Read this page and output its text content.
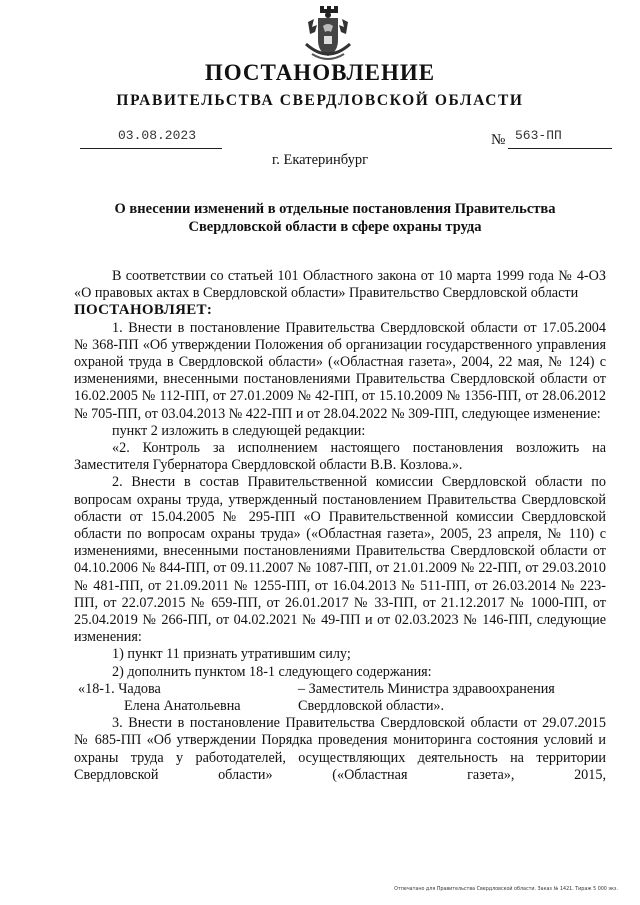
ПОСТАНОВЛЕНИЕ
ПРАВИТЕЛЬСТВА СВЕРДЛОВСКОЙ ОБЛАСТИ
03.08.2023	№ 563-ПП
г. Екатеринбург
О внесении изменений в отдельные постановления Правительства
Свердловской области в сфере охраны труда

В соответствии со статьей 101 Областного закона от 10 марта 1999 года № 4-ОЗ «О правовых актах в Свердловской области» Правительство Свердловской области

ПОСТАНОВЛЯЕТ:

1. Внести в постановление Правительства Свердловской области от 17.05.2004 № 368-ПП «Об утверждении Положения об организации государственного управления охраной труда в Свердловской области» («Областная газета», 2004, 22 мая, № 124) с изменениями, внесенными постановлениями Правительства Свердловской области от 16.02.2005 № 112-ПП, от 27.01.2009 № 42-ПП, от 15.10.2009 № 1356-ПП, от 28.06.2012 № 705-ПП, от 03.04.2013 № 422-ПП и от 28.04.2022 № 309-ПП, следующее изменение:

пункт 2 изложить в следующей редакции:

«2. Контроль за исполнением настоящего постановления возложить на Заместителя Губернатора Свердловской области В.В. Козлова.».

2. Внести в состав Правительственной комиссии Свердловской области по вопросам охраны труда, утвержденный постановлением Правительства Свердловской области от 15.04.2005 № 295-ПП «О Правительственной комиссии Свердловской области по вопросам охраны труда» («Областная газета», 2005, 23 апреля, № 110) с изменениями, внесенными постановлениями Правительства Свердловской области от 04.10.2006 № 844-ПП, от 09.11.2007 № 1087-ПП, от 21.01.2009 № 22-ПП, от 29.03.2010 № 481-ПП, от 21.09.2011 № 1255-ПП, от 16.04.2013 № 511-ПП, от 26.03.2014 № 223-ПП, от 22.07.2015 № 659-ПП, от 26.01.2017 № 33-ПП, от 21.12.2017 № 1000-ПП, от 25.04.2019 № 266-ПП, от 04.02.2021 № 49-ПП и от 02.03.2023 № 146-ПП, следующие изменения:

1) пункт 11 признать утратившим силу;

2) дополнить пунктом 18-1 следующего содержания:

«18-1. Чадова	– Заместитель Министра здравоохранения
Елена Анатольевна	Свердловской области».

3. Внести в постановление Правительства Свердловской области от 29.07.2015 № 685-ПП «Об утверждении Порядка проведения мониторинга состояния условий и охраны труда у работодателей, осуществляющих деятельность на территории Свердловской области» («Областная газета», 2015,

Отпечатано для Правительства Свердловской области. Заказ № 1421. Тираж 5 000 экз.
